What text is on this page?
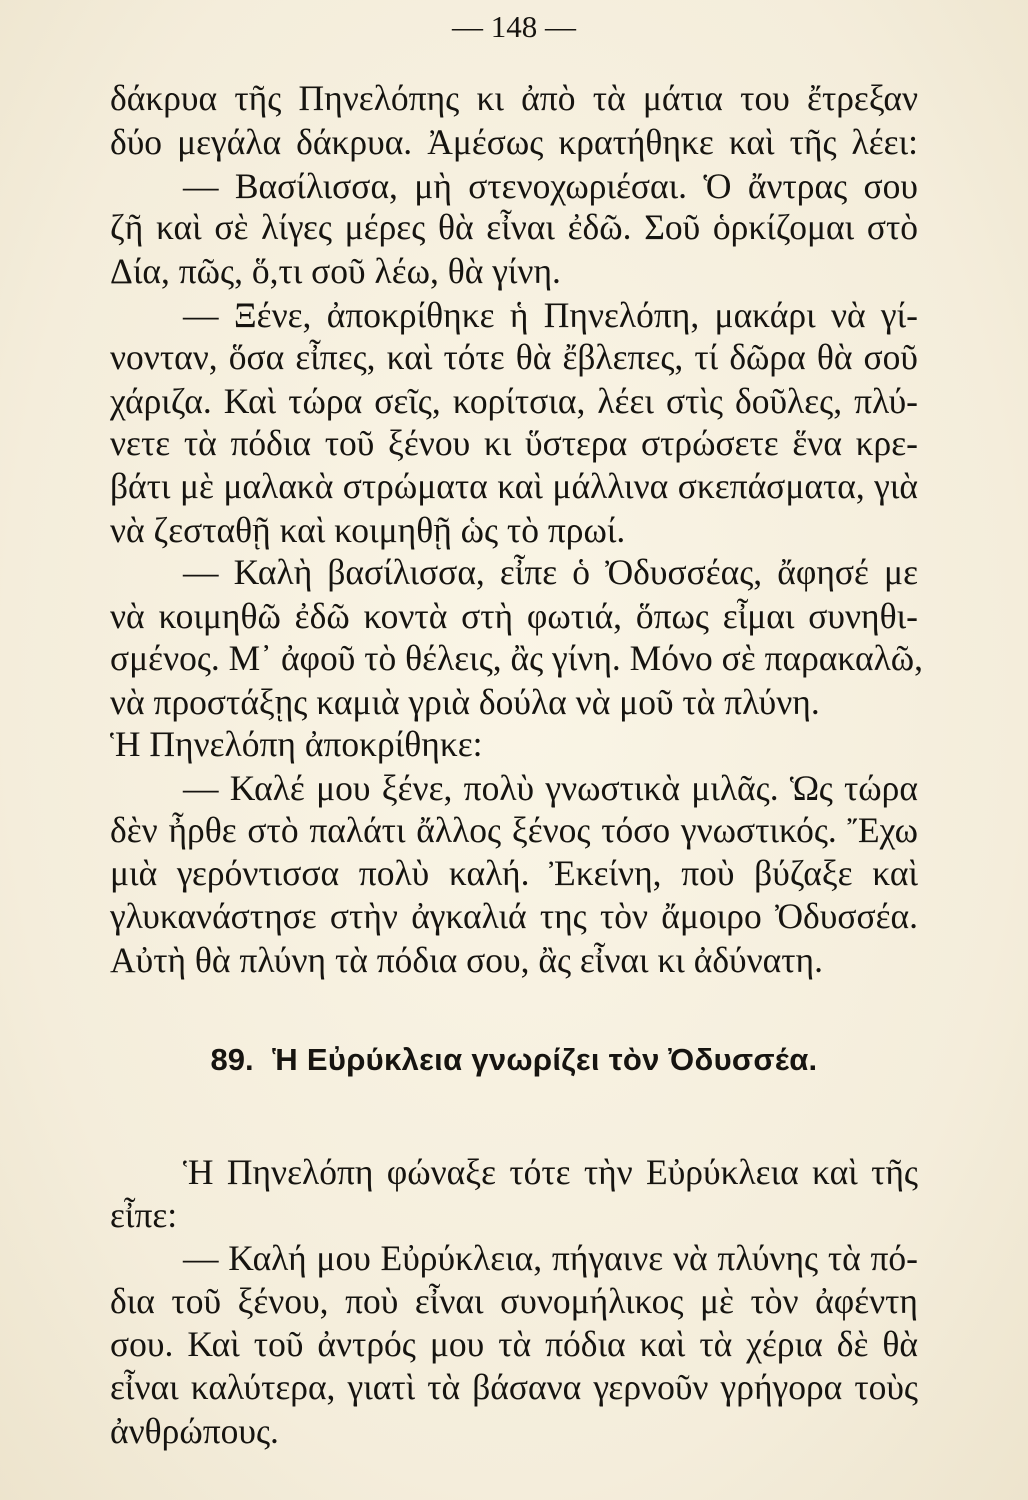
— 148 —
δάκρυα τῆς Πηνελόπης κι ἀπὸ τὰ μάτια του ἔτρεξαν
δύο μεγάλα δάκρυα. Ἀμέσως κρατήθηκε καὶ τῆς λέει:
— Βασίλισσα, μὴ στενοχωριέσαι. Ὁ ἄντρας σου
ζῆ καὶ σὲ λίγες μέρες θὰ εἶναι ἐδῶ. Σοῦ ὁρκίζομαι στὸ
Δία, πῶς, ὅ,τι σοῦ λέω, θὰ γίνη.
— Ξένε, ἀποκρίθηκε ἡ Πηνελόπη, μακάρι νὰ γί-
νονταν, ὅσα εἶπες, καὶ τότε θὰ ἔβλεπες, τί δῶρα θὰ σοῦ
χάριζα. Καὶ τώρα σεῖς, κορίτσια, λέει στὶς δοῦλες, πλύ-
νετε τὰ πόδια τοῦ ξένου κι ὕστερα στρώσετε ἕνα κρε-
βάτι μὲ μαλακὰ στρώματα καὶ μάλλινα σκεπάσματα, γιὰ
νὰ ζεσταθῇ καὶ κοιμηθῇ ὡς τὸ πρωί.
— Καλὴ βασίλισσα, εἶπε ὁ Ὀδυσσέας, ἄφησέ με
νὰ κοιμηθῶ ἐδῶ κοντὰ στὴ φωτιά, ὅπως εἶμαι συνηθι-
σμένος. Μ᾽ ἀφοῦ τὸ θέλεις, ἂς γίνη. Μόνο σὲ παρακαλῶ,
νὰ προστάξῃς καμιὰ γριὰ δούλα νὰ μοῦ τὰ πλύνη.
Ἡ Πηνελόπη ἀποκρίθηκε:
— Καλέ μου ξένε, πολὺ γνωστικὰ μιλᾶς. Ὡς τώρα
δὲν ἦρθε στὸ παλάτι ἄλλος ξένος τόσο γνωστικός. Ἔχω
μιὰ γερόντισσα πολὺ καλή. Ἐκείνη, ποὺ βύζαξε καὶ
γλυκανάστησε στὴν ἀγκαλιά της τὸν ἄμοιρο Ὀδυσσέα.
Αὐτὴ θὰ πλύνη τὰ πόδια σου, ἂς εἶναι κι ἀδύνατη.
89. Ἡ Εὐρύκλεια γνωρίζει τὸν Ὀδυσσέα.
Ἡ Πηνελόπη φώναξε τότε τὴν Εὐρύκλεια καὶ τῆς
εἶπε:
— Καλή μου Εὐρύκλεια, πήγαινε νὰ πλύνης τὰ πό-
δια τοῦ ξένου, ποὺ εἶναι συνομήλικος μὲ τὸν ἀφέντη
σου. Καὶ τοῦ ἀντρός μου τὰ πόδια καὶ τὰ χέρια δὲ θὰ
εἶναι καλύτερα, γιατὶ τὰ βάσανα γερνοῦν γρήγορα τοὺς
ἀνθρώπους.
